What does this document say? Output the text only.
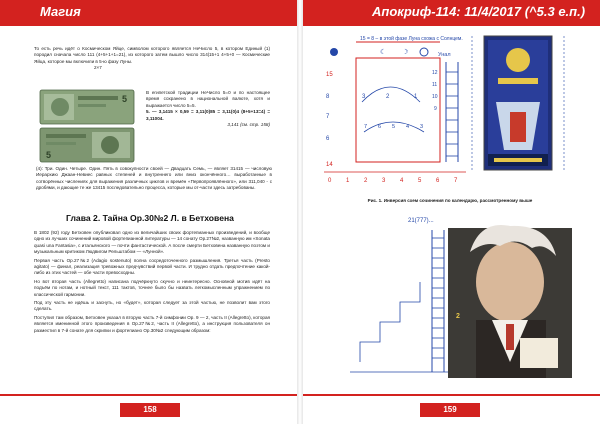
Магия

То есть речь идёт о Космическом Яйце, символом которого является НеЧисло 5, в котором Единый (1) породил сначала число 111 (4+5+1+1=21), из которого затем вышло число 314|15+1 4+5+0 — Космические Яйца, которое мы включили в 5-ю фазу Луны.

2×7

5
5

В египетской традиции НеЧисло 5=0 и по настоящее время сохранено в национальной валюте, хотя и выражается число 5=5.

5. — 3,1415 × 0,59 = 3,11(0)85 = 3,11(0)4 (8+5+13=4) = 3,11004.

3,141 (см. стр. 158)

(4): Три. Один. Четыре. Один. Пять в совокупности своей — Двадцать Семь, — являет 31415 — числовую Иерархию Джаан-Невиес равных степеней и внутреннего или вниз окончённого… выработанные в сотворённых числениях для выражения различных циклов и времён «Первопроявлённого», или 311,040 - с дробями, и дающие те же 13415 последовательно процесса, которые мы от-части здесь затребованы.

Глава 2. Тайна Ор.30№2 Л. в Бетховена

В 1802 (92) году Бетховен опубликовал одно из величайших своих фортепианных произведений, и вообще одно из лучших сочинений мировой фортепианной литературы — 14 сонату Op.27№2, названную им «Sonata quasi una Fantasia», с итальянского — почти фантастической. А после смерти Бетховена названную поэтом и музыкальным критиком Людвигом Рельштабом — «Лунной».

Первая часть Op.27№2 (Adagio sostenuto) полна сосредоточенного размышления. Третья часть (Presto agitato) — финал, реализация тревожных предчувствий первой части. И трудно отдать предпочтение какой-либо из этих частей — обе части превосходны.

Но вот вторая часть (Allegretto) написана подчёркнуто скучно и неинтересно. Основной мотив идёт на подъём по нотам, и нотный текст, 111 тактов, точнее было бы назвать легкомысленным упражнением по классической гармонии.

Под эту часть не идёшь и заснуть, но «будет», которая следует за этой частью, не позволит вам этого сделать.

Поступил там образом, Бетховен указал в вторую часть 7-й симфонии Op. 9 — 2, часть II (Allegretto), которая является именинной этого произведения в Op.27№2, часть II (Allegretto), а инструкция пользователя он разместил в 7-й сонате для скрипки и фортепиано Op.30№2 следующим образом:

158
Апокриф-114: 11/4/2017 (^5.3 е.п.)
15 = 8 – в этой фазе Луна схожа с Солнцем.
☾ ☽	Унал
15
8
7
6
14
3	2	1
7 6 5 4 3
12
11
10
9
0 1 2 3 4 5 6 7
Рис. 1. Инверсия схем сочинения по календарю, рассмотренному выше
21(777)...
2
159
